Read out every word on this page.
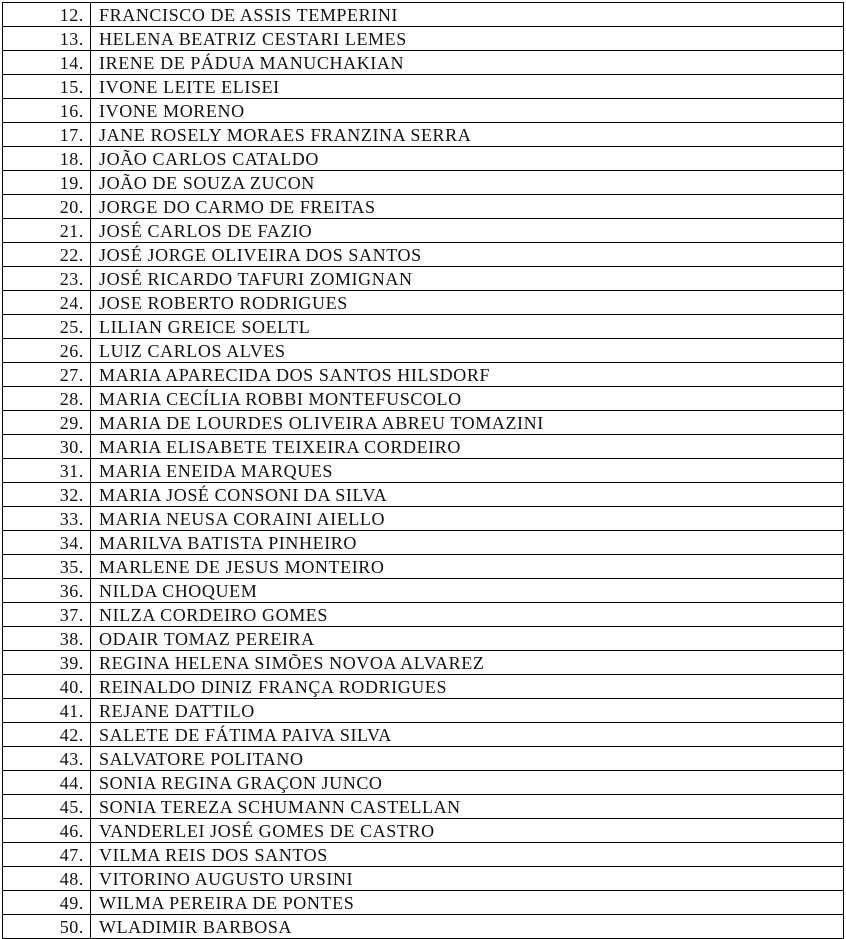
12.	FRANCISCO DE ASSIS TEMPERINI
13.	HELENA BEATRIZ CESTARI LEMES
14.	IRENE DE PÁDUA MANUCHAKIAN
15.	IVONE LEITE ELISEI
16.	IVONE MORENO
17.	JANE ROSELY MORAES FRANZINA SERRA
18.	JOÃO CARLOS CATALDO
19.	JOÃO DE SOUZA ZUCON
20.	JORGE DO CARMO DE FREITAS
21.	JOSÉ CARLOS DE FAZIO
22.	JOSÉ JORGE OLIVEIRA DOS SANTOS
23.	JOSÉ RICARDO TAFURI ZOMIGNAN
24.	JOSE ROBERTO RODRIGUES
25.	LILIAN GREICE SOELTL
26.	LUIZ CARLOS ALVES
27.	MARIA APARECIDA DOS SANTOS HILSDORF
28.	MARIA CECÍLIA ROBBI MONTEFUSCOLO
29.	MARIA DE LOURDES OLIVEIRA ABREU TOMAZINI
30.	MARIA ELISABETE TEIXEIRA CORDEIRO
31.	MARIA ENEIDA MARQUES
32.	MARIA JOSÉ CONSONI DA SILVA
33.	MARIA NEUSA CORAINI AIELLO
34.	MARILVA BATISTA PINHEIRO
35.	MARLENE DE JESUS MONTEIRO
36.	NILDA CHOQUEM
37.	NILZA CORDEIRO GOMES
38.	ODAIR TOMAZ PEREIRA
39.	REGINA HELENA SIMÕES NOVOA ALVAREZ
40.	REINALDO DINIZ FRANÇA RODRIGUES
41.	REJANE DATTILO
42.	SALETE DE FÁTIMA PAIVA SILVA
43.	SALVATORE POLITANO
44.	SONIA REGINA GRAÇON JUNCO
45.	SONIA TEREZA SCHUMANN CASTELLAN
46.	VANDERLEI JOSÉ GOMES DE CASTRO
47.	VILMA REIS DOS SANTOS
48.	VITORINO AUGUSTO URSINI
49.	WILMA PEREIRA DE PONTES
50.	WLADIMIR BARBOSA
